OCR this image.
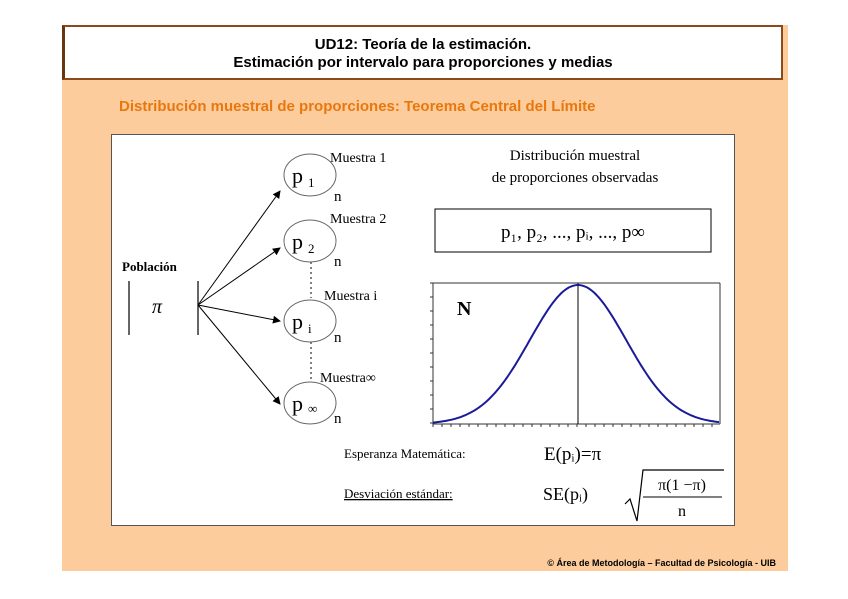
UD12: Teoría de la estimación.
Estimación por intervalo para proporciones y medias
Distribución muestral de proporciones: Teorema Central del Límite
Población
π
p 1
Muestra 1
n
p 2
Muestra 2
n
p i
Muestra i
n
p ∞
Muestra∞
n
Distribución muestral
de proporciones observadas
p₁, p₂, ..., pᵢ, ..., p∞
N
Esperanza Matemática:	E(pᵢ)=π
Desviación estándar:	SE(pᵢ)	π(1 −π)
n
© Área de Metodología – Facultad de Psicología - UIB
